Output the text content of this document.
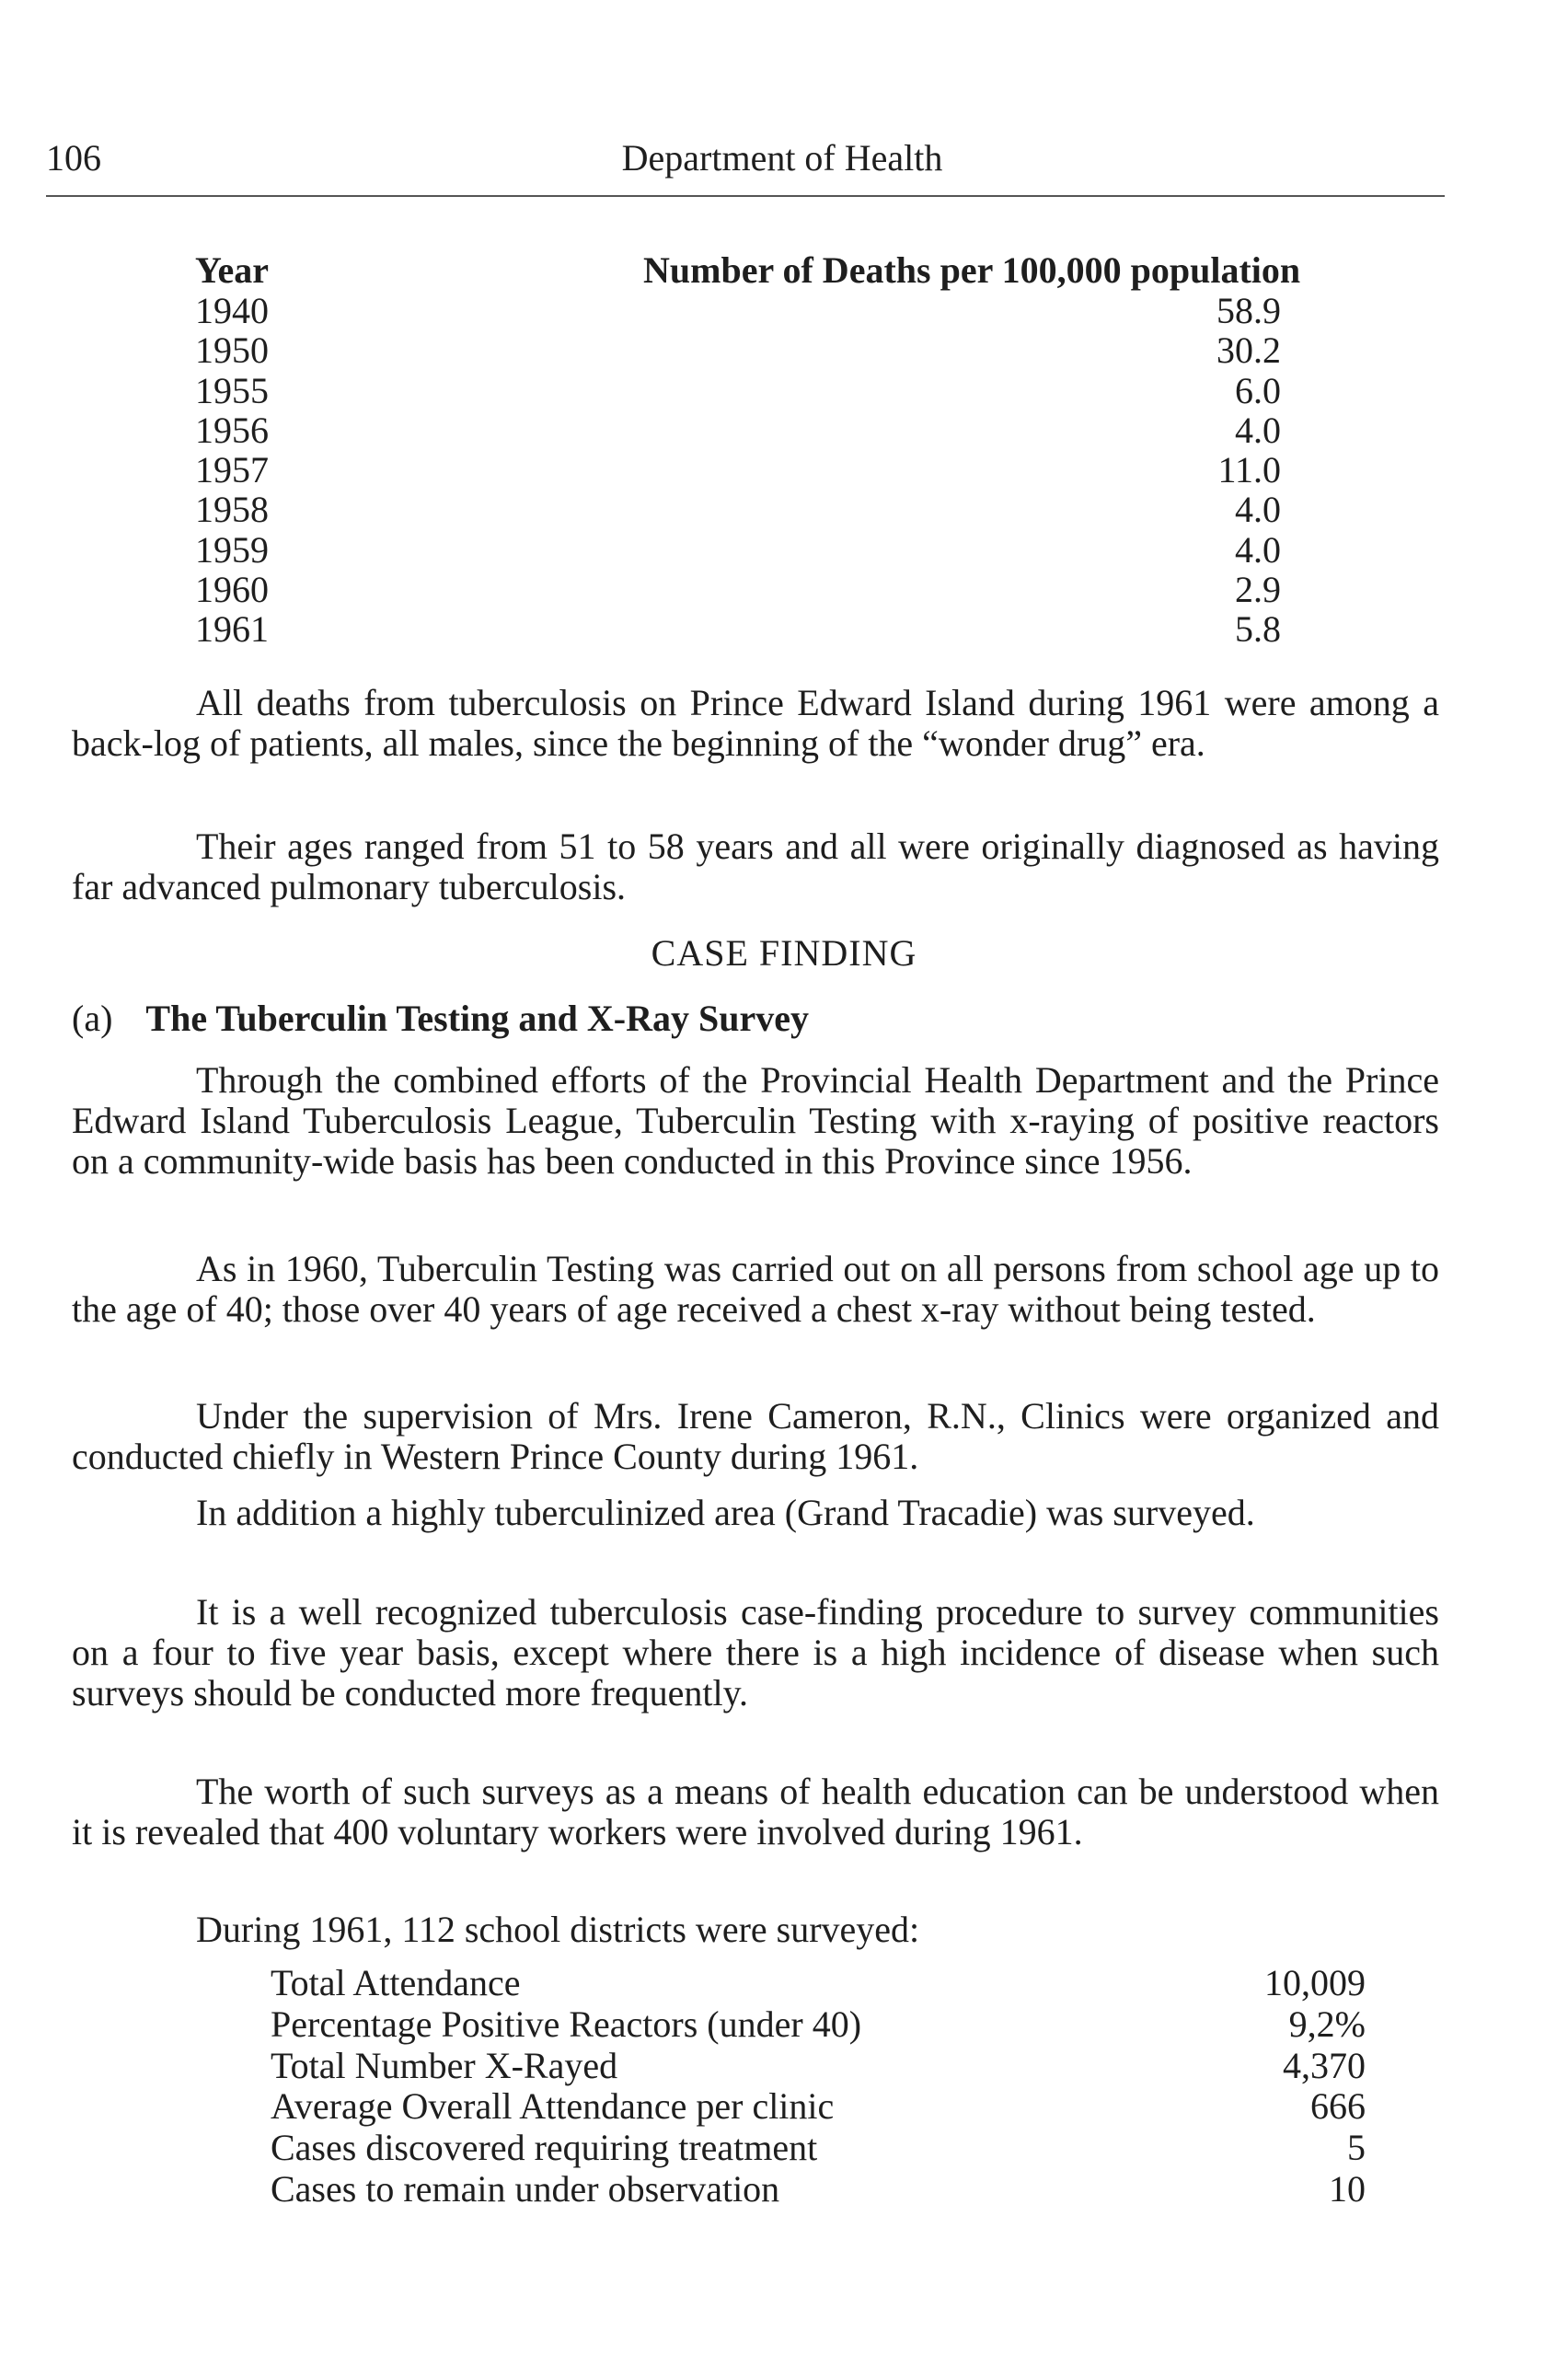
106	Department of Health
Year	Number of Deaths per 100,000 population
1940	58.9
1950	30.2
1955	6.0
1956	4.0
1957	11.0
1958	4.0
1959	4.0
1960	2.9
1961	5.8

All deaths from tuberculosis on Prince Edward Island during 1961 were among a back-log of patients, all males, since the beginning of the “wonder drug” era.

Their ages ranged from 51 to 58 years and all were originally diagnosed as having far advanced pulmonary tuberculosis.

CASE FINDING
(a) The Tuberculin Testing and X-Ray Survey

Through the combined efforts of the Provincial Health Department and the Prince Edward Island Tuberculosis League, Tuberculin Testing with x-raying of positive reactors on a community-wide basis has been conducted in this Province since 1956.

As in 1960, Tuberculin Testing was carried out on all persons from school age up to the age of 40; those over 40 years of age received a chest x-ray without being tested.

Under the supervision of Mrs. Irene Cameron, R.N., Clinics were organized and conducted chiefly in Western Prince County during 1961.

In addition a highly tuberculinized area (Grand Tracadie) was surveyed.

It is a well recognized tuberculosis case-finding procedure to survey communities on a four to five year basis, except where there is a high incidence of disease when such surveys should be conducted more frequently.

The worth of such surveys as a means of health education can be understood when it is revealed that 400 voluntary workers were involved during 1961.

During 1961, 112 school districts were surveyed:

Total Attendance	10,009
Percentage Positive Reactors (under 40)	9,2%
Total Number X-Rayed	4,370
Average Overall Attendance per clinic	666
Cases discovered requiring treatment	5
Cases to remain under observation	10
